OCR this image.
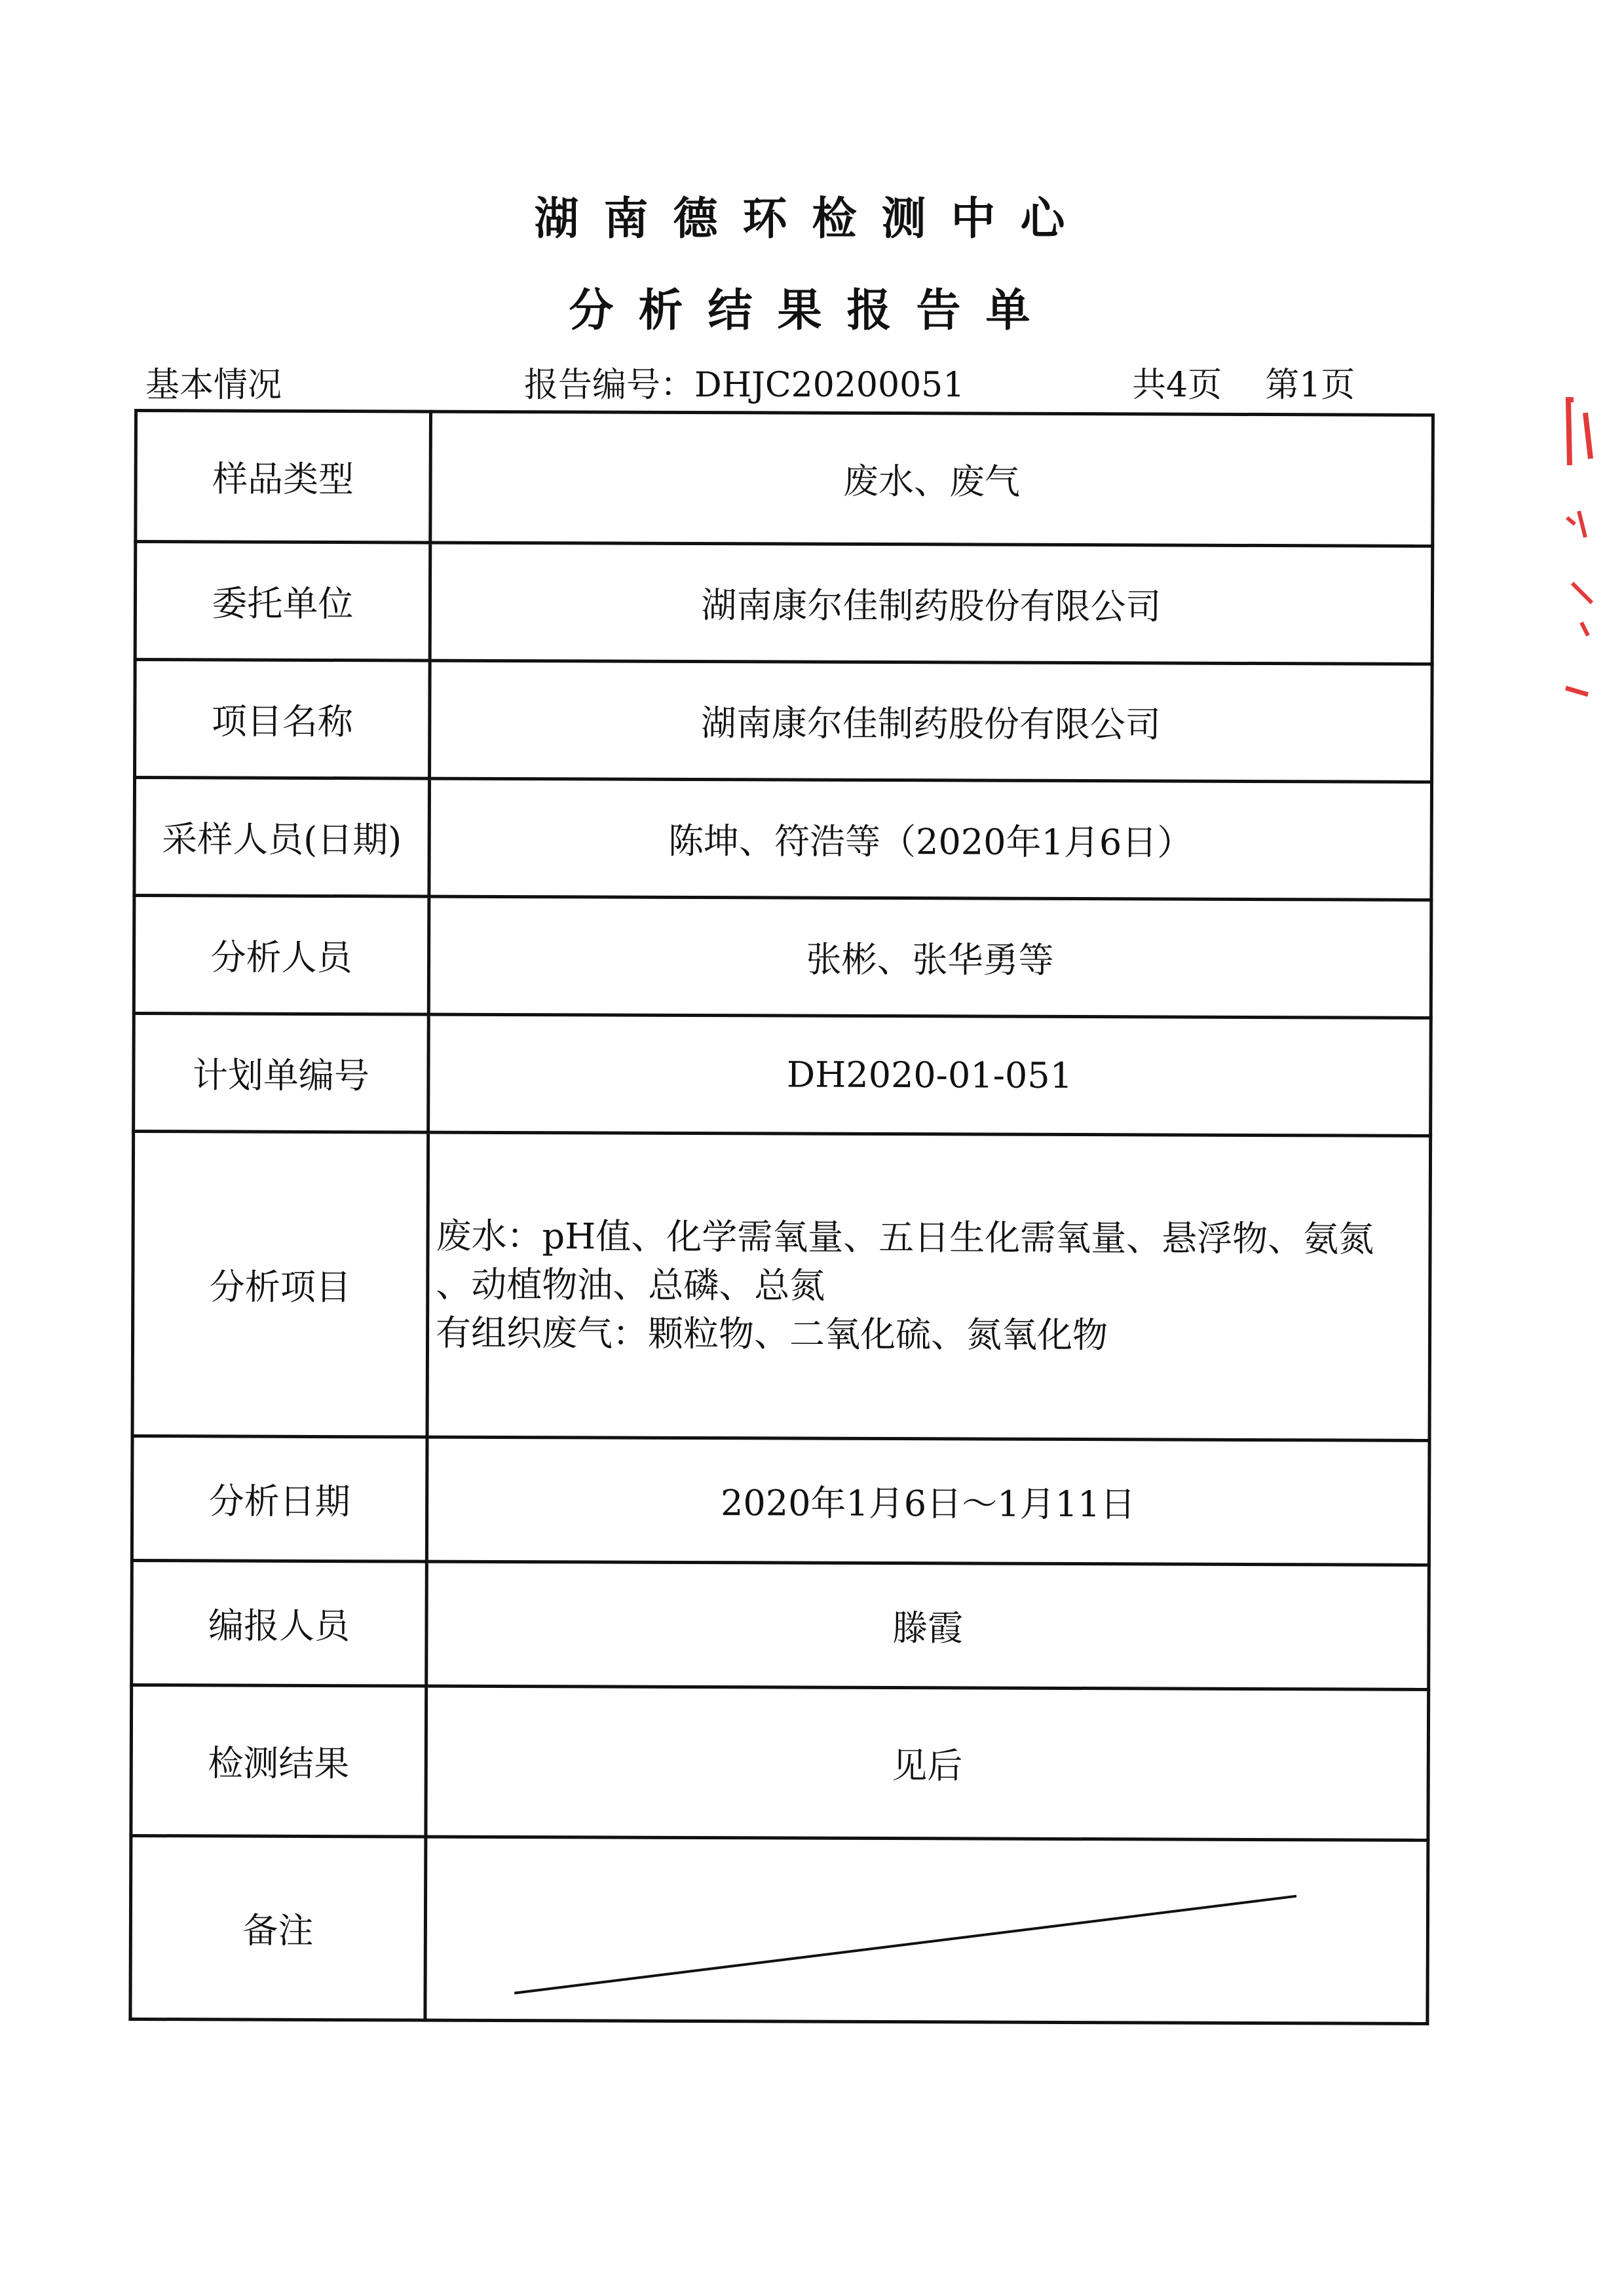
湖南德环检测中心
分析结果报告单
基本情况	报告编号：DHJC20200051	共4页    第1页
样品类型	废水、废气
委托单位	湖南康尔佳制药股份有限公司
项目名称	湖南康尔佳制药股份有限公司
采样人员(日期)	陈坤、符浩等（2020年1月6日）
分析人员	张彬、张华勇等
计划单编号	DH2020-01-051
分析项目	废水：pH值、化学需氧量、五日生化需氧量、悬浮物、氨氮
、动植物油、总磷、总氮
有组织废气：颗粒物、二氧化硫、氮氧化物

分析日期	2020年1月6日～1月11日
编报人员	滕霞
检测结果	见后
备注	
